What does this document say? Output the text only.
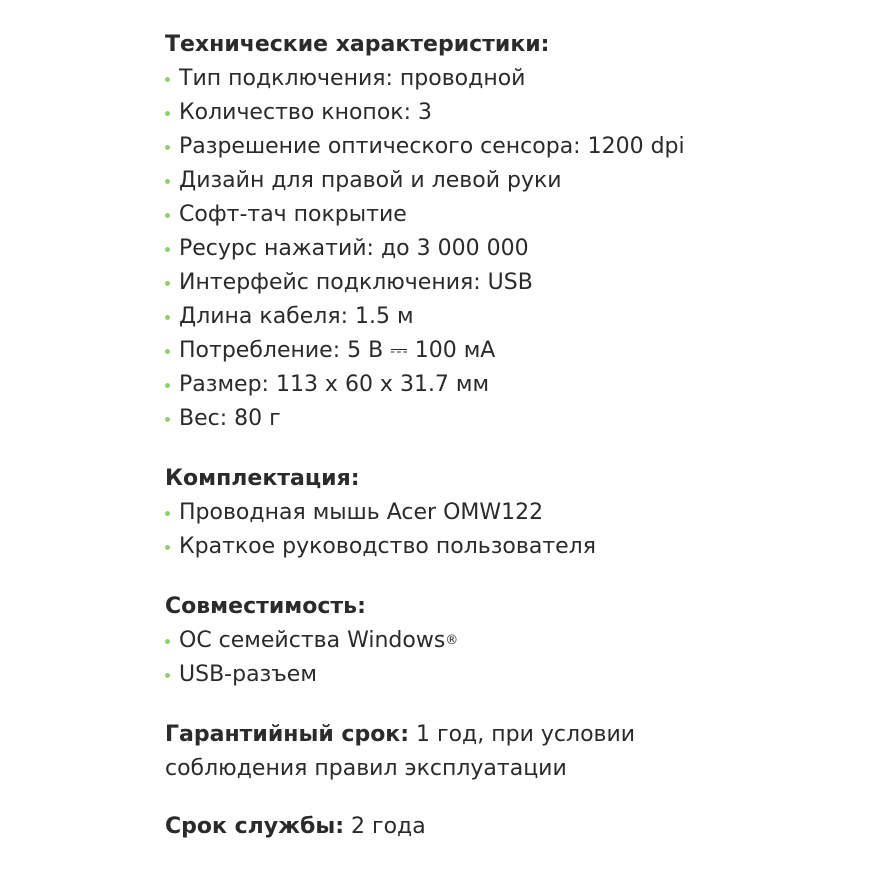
Технические характеристики:

Тип подключения: проводной
Количество кнопок: 3
Разрешение оптического сенсора: 1200 dpi
Дизайн для правой и левой руки
Софт-тач покрытие
Ресурс нажатий: до 3 000 000
Интерфейс подключения: USB
Длина кабеля: 1.5 м
Потребление: 5 В ⎓ 100 мА
Размер: 113 x 60 x 31.7 мм
Вес: 80 г

Комплектация:

Проводная мышь Acer OMW122
Краткое руководство пользователя

Совместимость:

ОС семейства Windows ®
USB-разъем

Гарантийный срок: 1 год, при условии

соблюдения правил эксплуатации

Срок службы: 2 года
